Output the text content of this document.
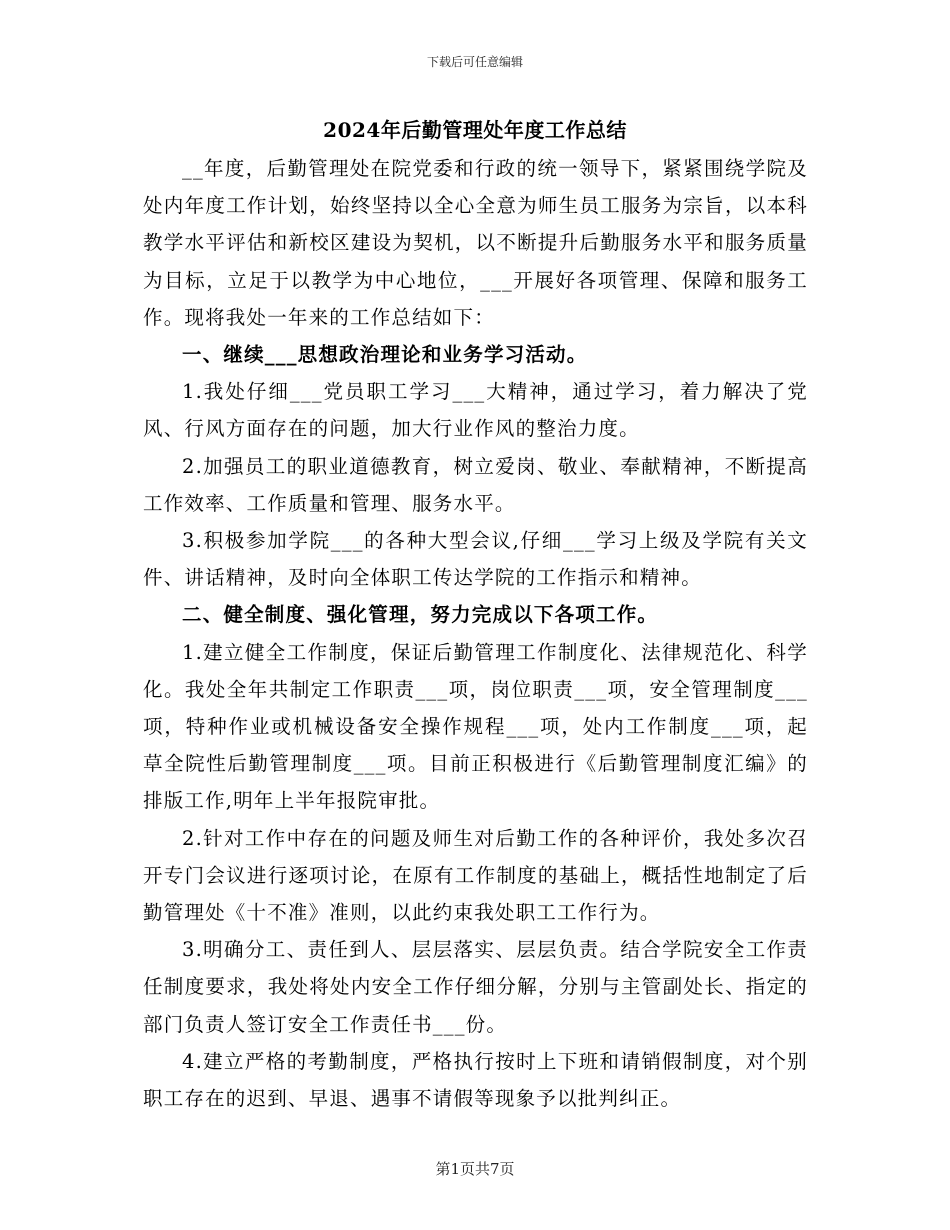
下载后可任意编辑
2024年后勤管理处年度工作总结

__年度，后勤管理处在院党委和行政的统一领导下，紧紧围绕学院及处内年度工作计划，始终坚持以全心全意为师生员工服务为宗旨，以本科教学水平评估和新校区建设为契机，以不断提升后勤服务水平和服务质量为目标，立足于以教学为中心地位，___开展好各项管理、保障和服务工作。现将我处一年来的工作总结如下：

一、继续___思想政治理论和业务学习活动。

1.我处仔细___党员职工学习___大精神，通过学习，着力解决了党风、行风方面存在的问题，加大行业作风的整治力度。

2.加强员工的职业道德教育，树立爱岗、敬业、奉献精神，不断提高工作效率、工作质量和管理、服务水平。

3.积极参加学院___的各种大型会议,仔细___学习上级及学院有关文件、讲话精神，及时向全体职工传达学院的工作指示和精神。

二、健全制度、强化管理，努力完成以下各项工作。

1.建立健全工作制度，保证后勤管理工作制度化、法律规范化、科学化。我处全年共制定工作职责___项，岗位职责___项，安全管理制度___项，特种作业或机械设备安全操作规程___项，处内工作制度___项，起草全院性后勤管理制度___项。目前正积极进行《后勤管理制度汇编》的排版工作,明年上半年报院审批。

2.针对工作中存在的问题及师生对后勤工作的各种评价，我处多次召开专门会议进行逐项讨论，在原有工作制度的基础上，概括性地制定了后勤管理处《十不准》准则，以此约束我处职工工作行为。

3.明确分工、责任到人、层层落实、层层负责。结合学院安全工作责任制度要求，我处将处内安全工作仔细分解，分别与主管副处长、指定的部门负责人签订安全工作责任书___份。

4.建立严格的考勤制度，严格执行按时上下班和请销假制度，对个别职工存在的迟到、早退、遇事不请假等现象予以批判纠正。

第1页共7页
